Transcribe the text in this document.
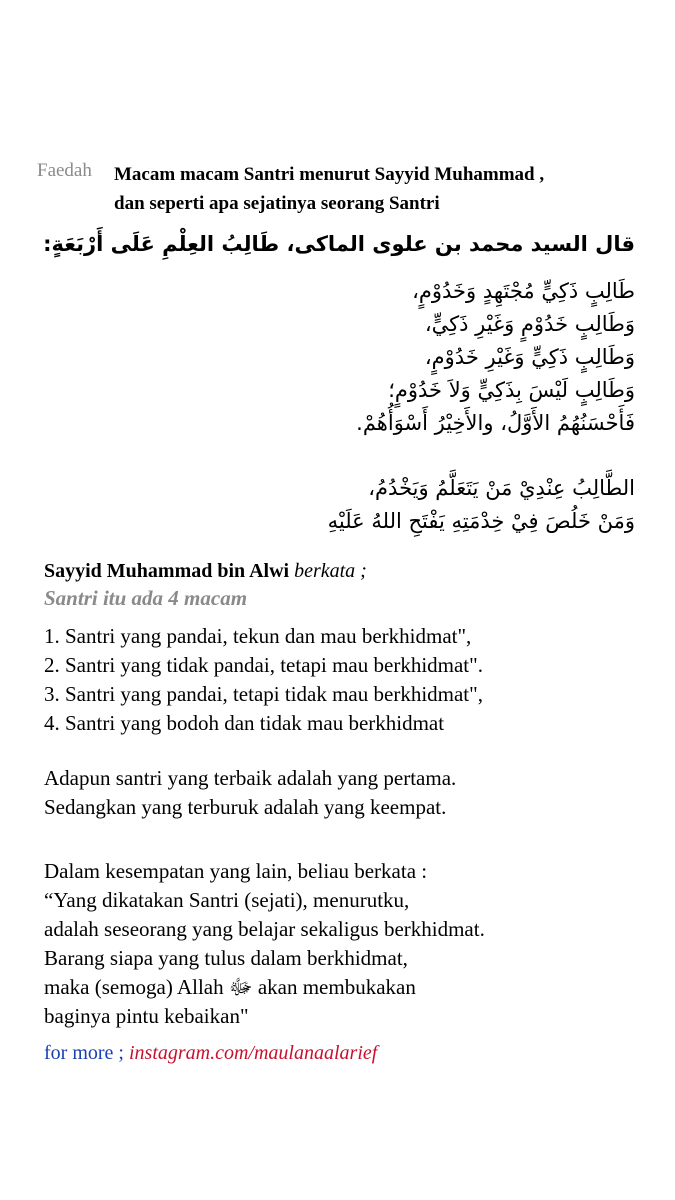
Faedah Macam macam Santri menurut Sayyid Muhammad ,
dan seperti apa sejatinya seorang Santri
قال السيد محمد بن علوى الماكى، طَالِبُ العِلْمِ عَلَى أَرْبَعَةٍ:
طَالِبٍ ذَكِيٍّ مُجْتَهِدٍ وَخَدُوْمٍ،
وَطَالِبٍ خَدُوْمٍ وَغَيْرِ ذَكِيٍّ،
وَطَالِبٍ ذَكِيٍّ وَغَيْرِ خَدُوْمٍ،
وَطَالِبٍ لَيْسَ بِذَكِيٍّ وَلاَ خَدُوْمٍ؛
فَأَحْسَنُهُمُ الأَوَّلُ، والأَخِيْرُ أَسْوَأُهُمْ.
الطَّالِبُ عِنْدِيْ مَنْ يَتَعَلَّمُ وَيَخْدُمُ،
وَمَنْ خَلُصَ فِيْ خِدْمَتِهِ يَفْتَحِ اللهُ عَلَيْهِ
Sayyid Muhammad bin Alwi berkata ;
Santri itu ada 4 macam
1. Santri yang pandai, tekun dan mau berkhidmat",
2. Santri yang tidak pandai, tetapi mau berkhidmat".
3. Santri yang pandai, tetapi tidak mau berkhidmat",
4. Santri yang bodoh dan tidak mau berkhidmat
Adapun santri yang terbaik adalah yang pertama.
Sedangkan yang terburuk adalah yang keempat.
Dalam kesempatan yang lain, beliau berkata :
“Yang dikatakan Santri (sejati), menurutku,
adalah seseorang yang belajar sekaligus berkhidmat.
Barang siapa yang tulus dalam berkhidmat,
maka (semoga) Allah ﷻ akan membukakan
baginya pintu kebaikan"
for more ; instagram.com/maulanaalarief
